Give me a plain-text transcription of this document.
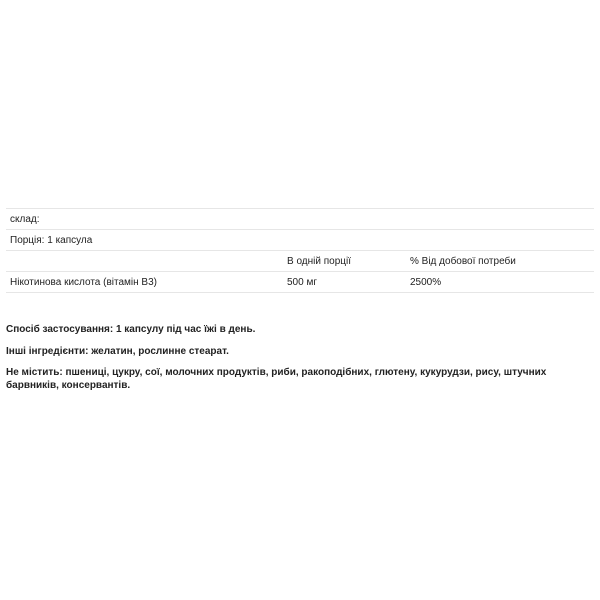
склад:		
Порція: 1 капсула		
	В одній порції	% Від добової потреби
Нікотинова кислота (вітамін B3)	500 мг	2500%

Спосіб застосування: 1 капсулу під час їжі в день.

Інші інгредієнти: желатин, рослинне стеарат.

Не містить: пшениці, цукру, сої, молочних продуктів, риби, ракоподібних, глютену, кукурудзи, рису, штучних барвників, консервантів.
